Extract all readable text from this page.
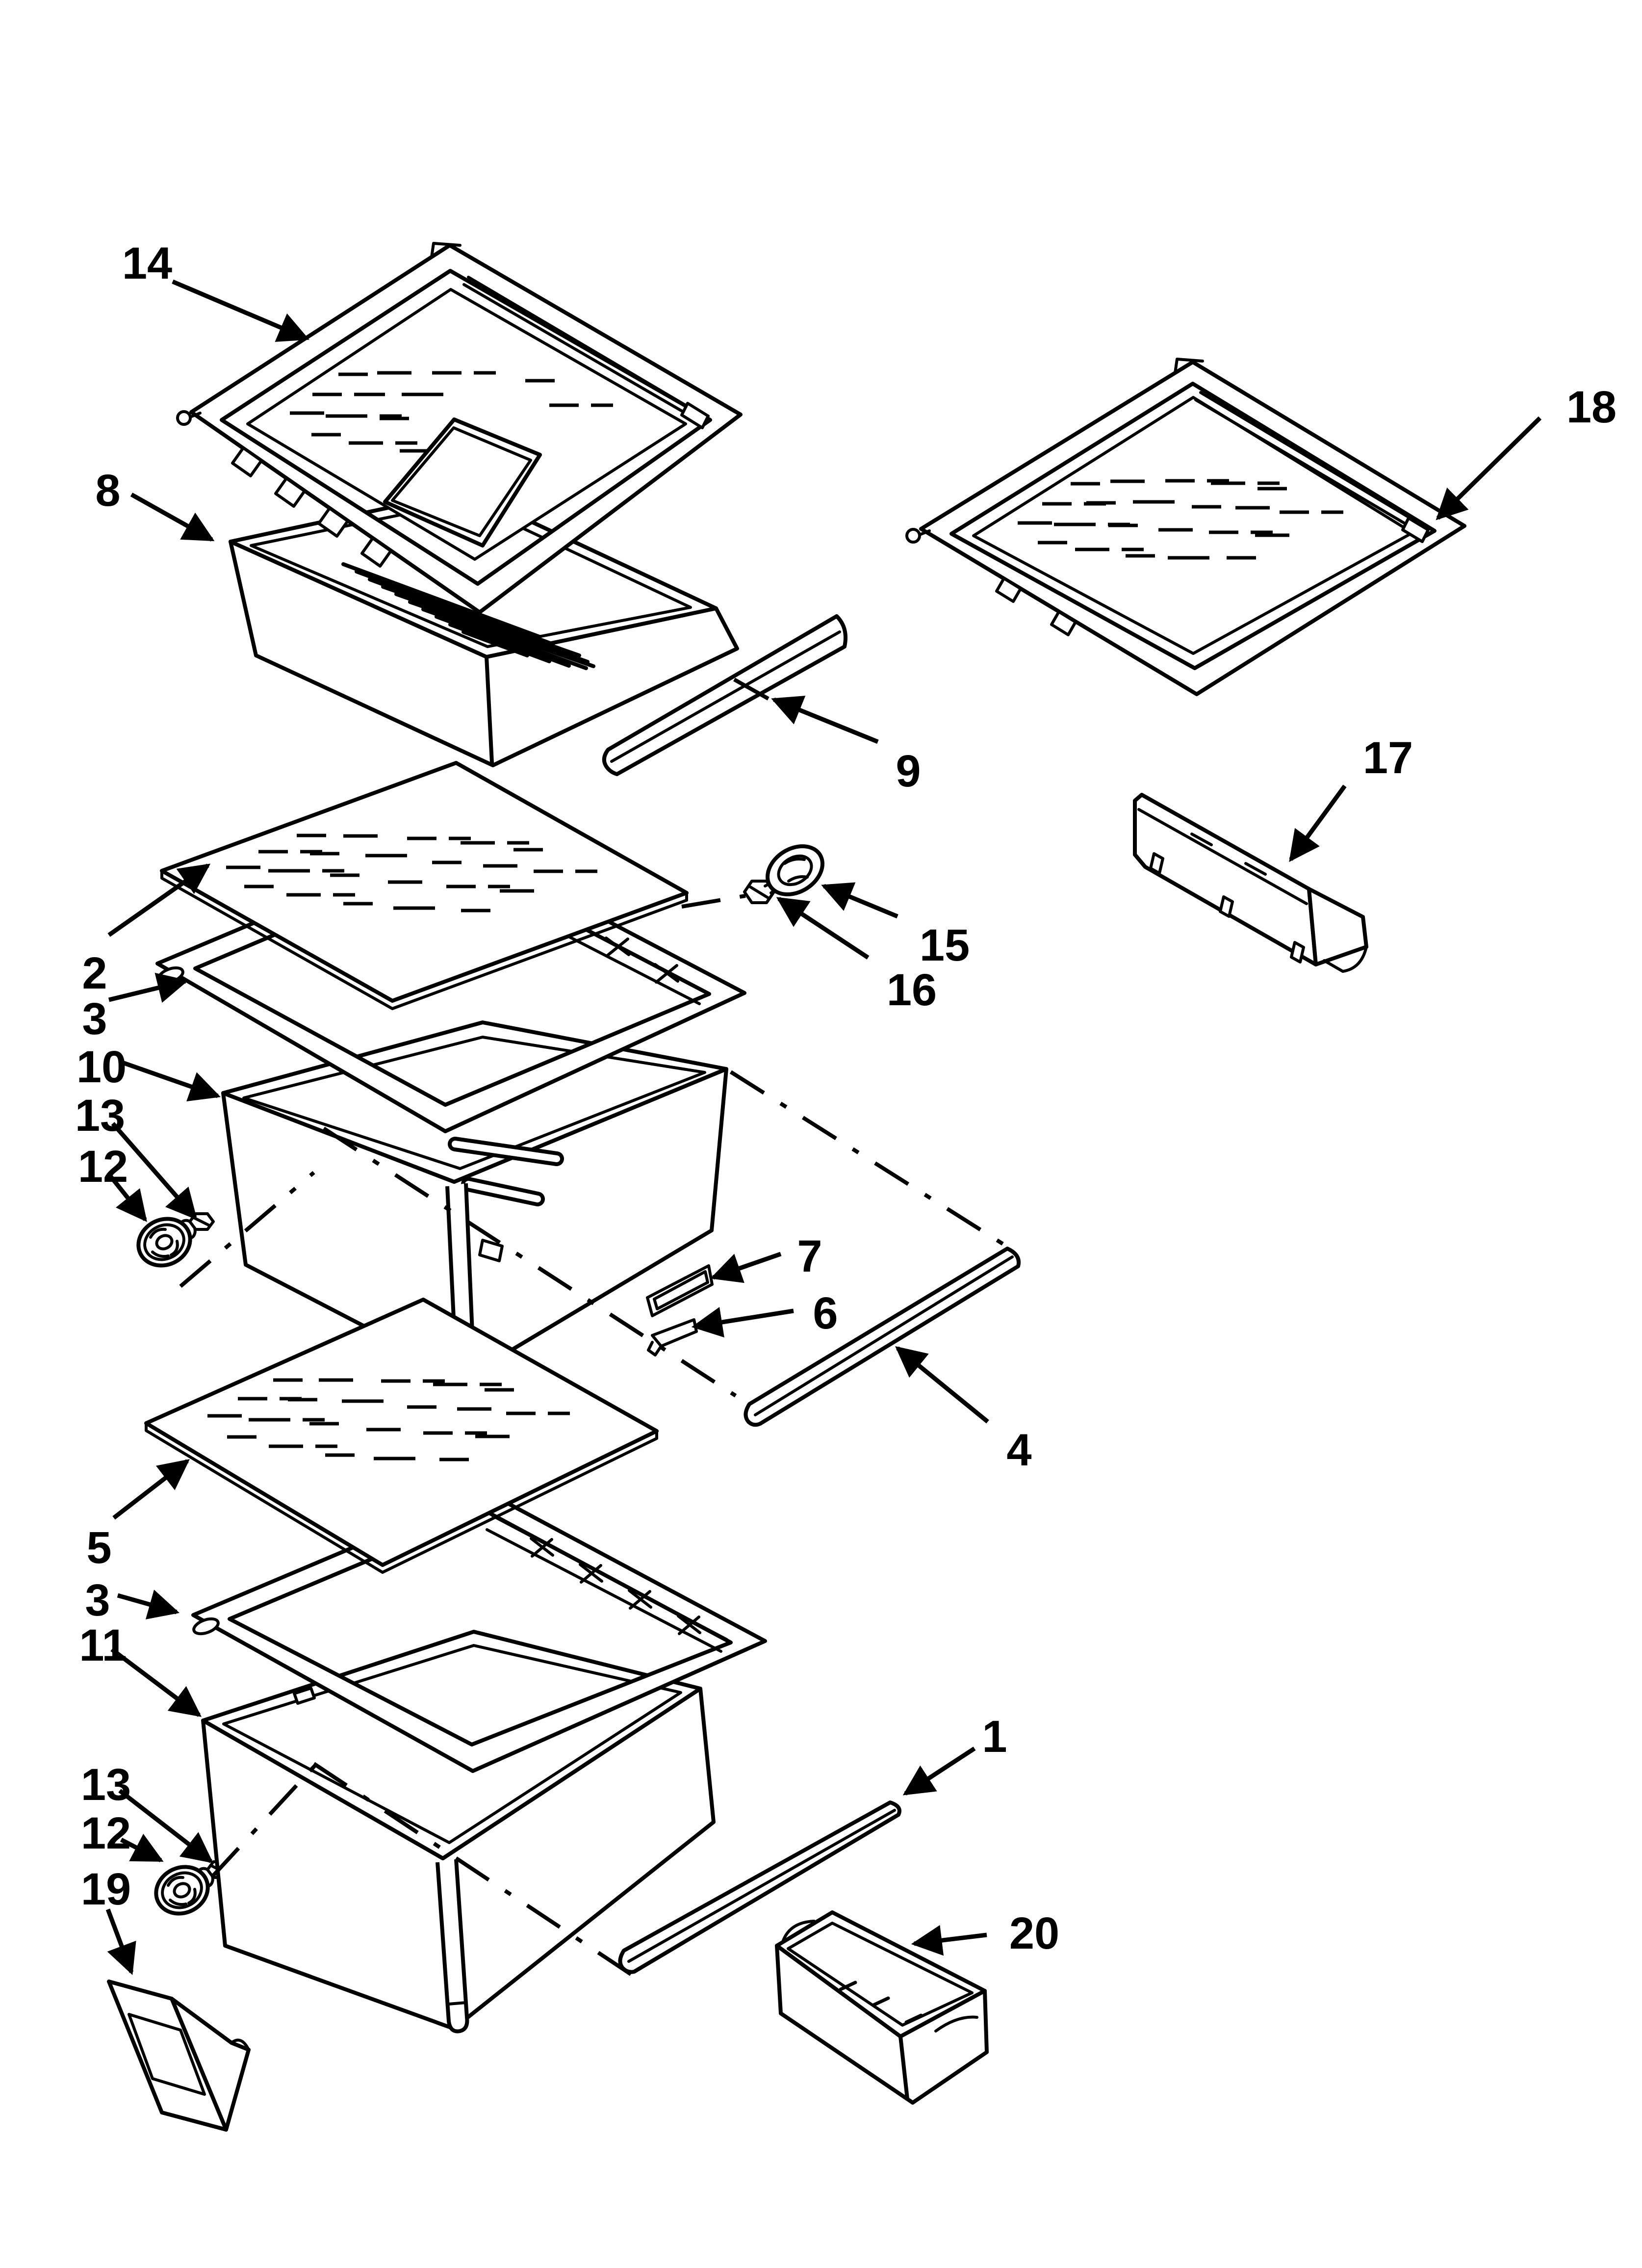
14
8
18
9	17
2
3
15
16
10
13
12
7
6
4
5
3
11
13
12
19
1
20
